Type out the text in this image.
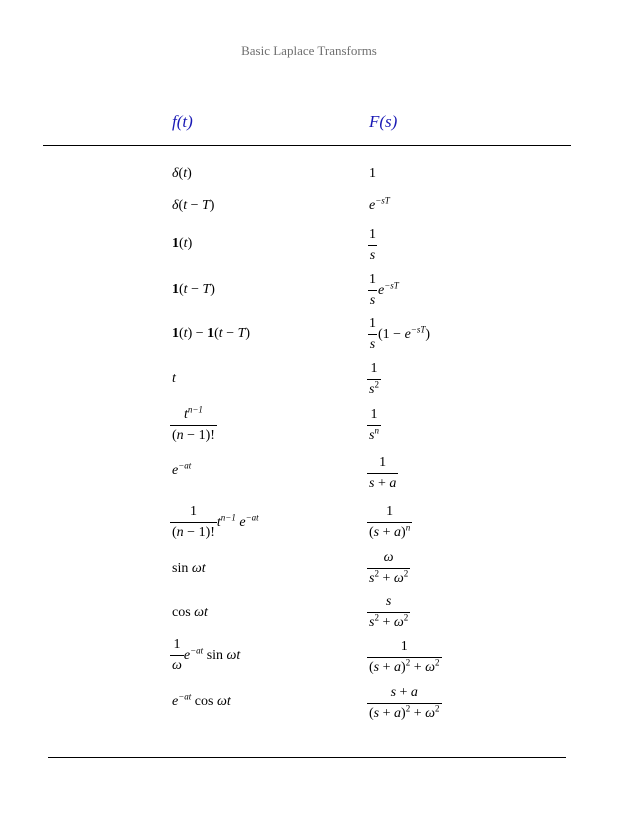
Basic Laplace Transforms
f(t)	F(s)
δ(t)	1
δ(t − T)	$e^{-sT}$
1(t)	$\frac{1}{s}$
1(t − T)	$\frac{1}{s} e^{-sT}$
1(t) − 1(t − T)	$\frac{1}{s} (1 - e^{-sT})$
t	$\frac{1}{s^2}$
$\frac{t^{n-1}}{(n - 1)!}$	$\frac{1}{s^n}$
$e^{-at}$	$\frac{1}{s + a}$
$\frac{1}{(n - 1)!} t^{n-1}$ $e^{-at}$	$\frac{1}{(s + a)^n}$
sin ωt	$\frac{\omega}{s^2 + \omega^2}$
cos ωt	$\frac{s}{s^2 + \omega^2}$
$\frac{1}{\omega} e^{-at}$ sin ωt	$\frac{1}{(s + a)^2 + \omega^2}$
$e^{-at}$ cos ωt	$\frac{s + a}{(s + a)^2 + \omega^2}$
